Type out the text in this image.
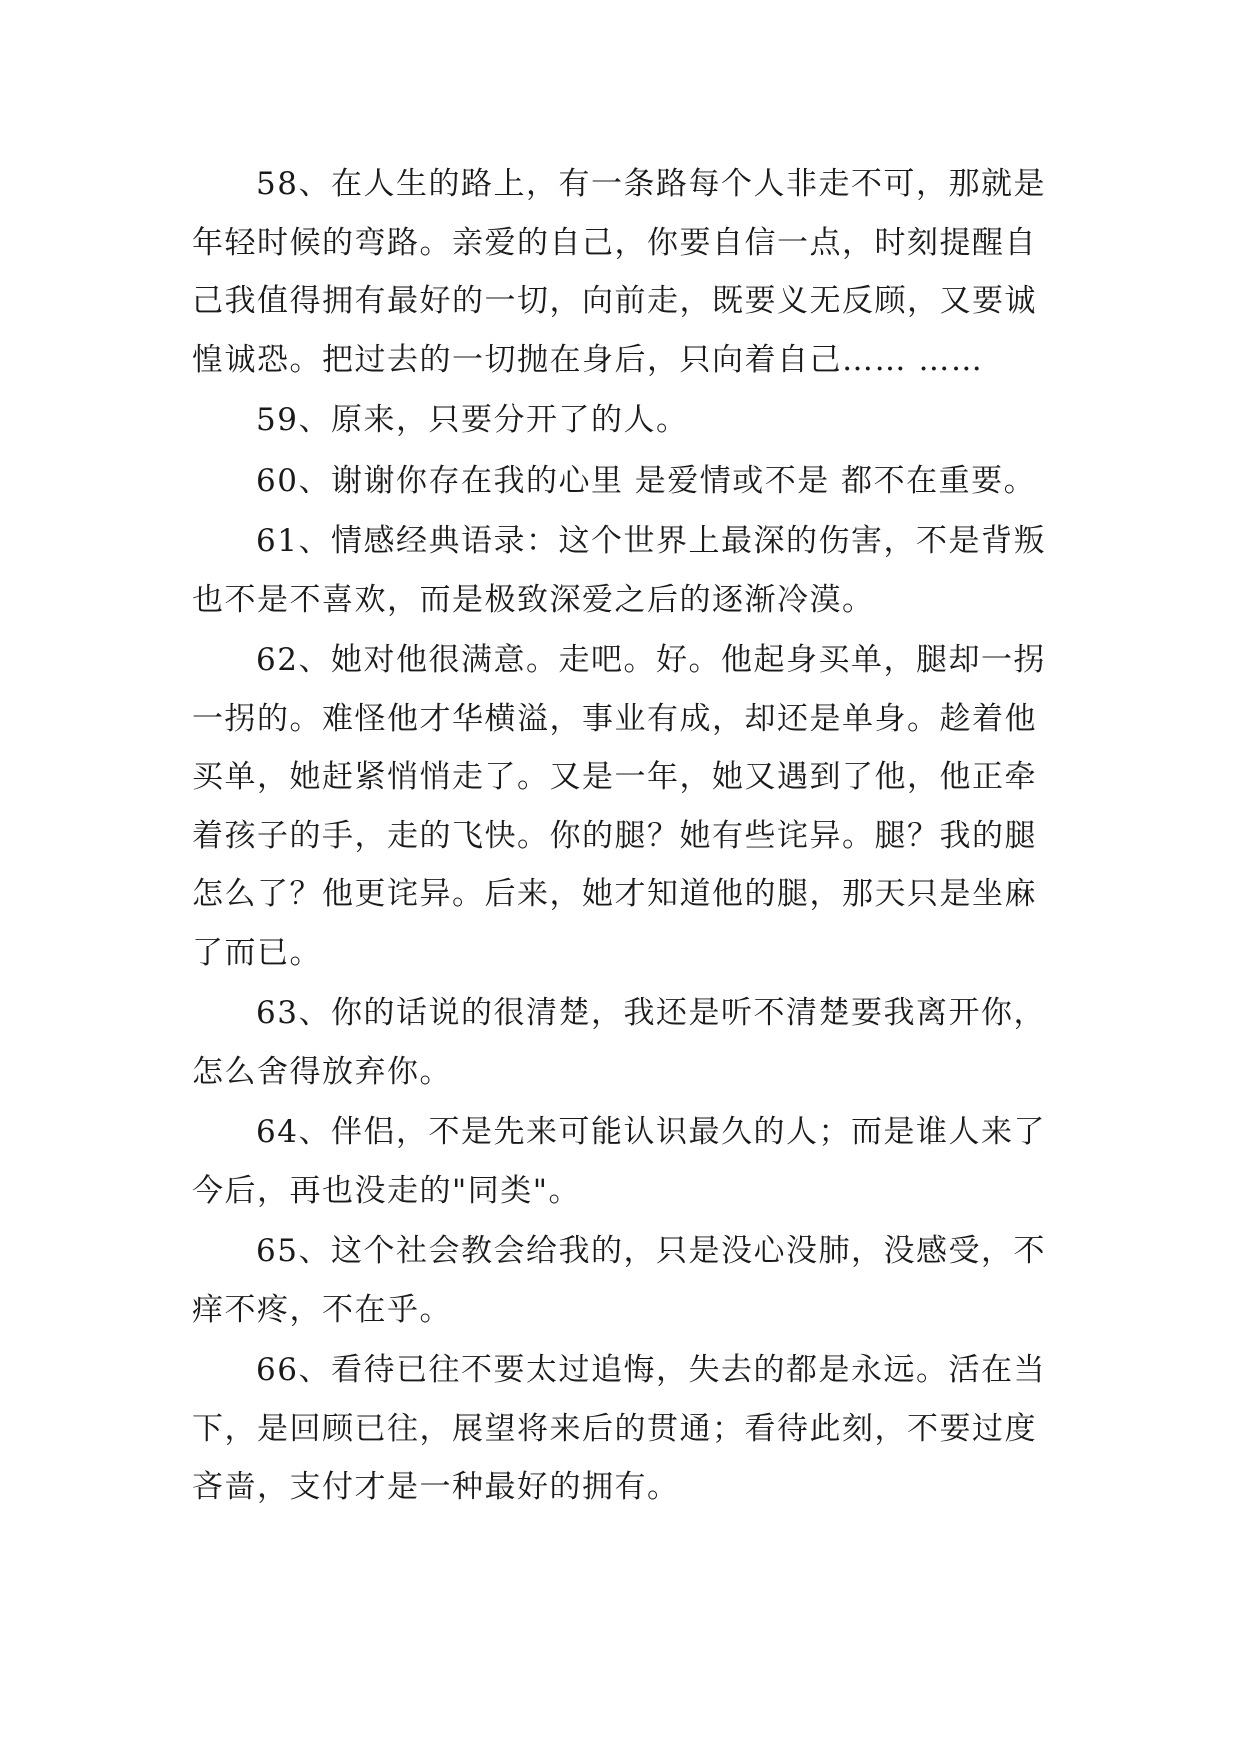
58、在人生的路上，有一条路每个人非走不可，那就是年轻时候的弯路。亲爱的自己，你要自信一点，时刻提醒自己我值得拥有最好的一切，向前走，既要义无反顾，又要诚惶诚恐。把过去的一切抛在身后，只向着自己…… ……

59、原来，只要分开了的人。

60、谢谢你存在我的心里 是爱情或不是 都不在重要。

61、情感经典语录：这个世界上最深的伤害，不是背叛也不是不喜欢，而是极致深爱之后的逐渐冷漠。

62、她对他很满意。走吧。好。他起身买单，腿却一拐一拐的。难怪他才华横溢，事业有成，却还是单身。趁着他买单，她赶紧悄悄走了。又是一年，她又遇到了他，他正牵着孩子的手，走的飞快。你的腿？她有些诧异。腿？我的腿怎么了？他更诧异。后来，她才知道他的腿，那天只是坐麻了而已。

63、你的话说的很清楚，我还是听不清楚要我离开你，怎么舍得放弃你。

64、伴侣，不是先来可能认识最久的人；而是谁人来了今后，再也没走的"同类"。

65、这个社会教会给我的，只是没心没肺，没感受，不痒不疼，不在乎。

66、看待已往不要太过追悔，失去的都是永远。活在当下，是回顾已往，展望将来后的贯通；看待此刻，不要过度吝啬，支付才是一种最好的拥有。
